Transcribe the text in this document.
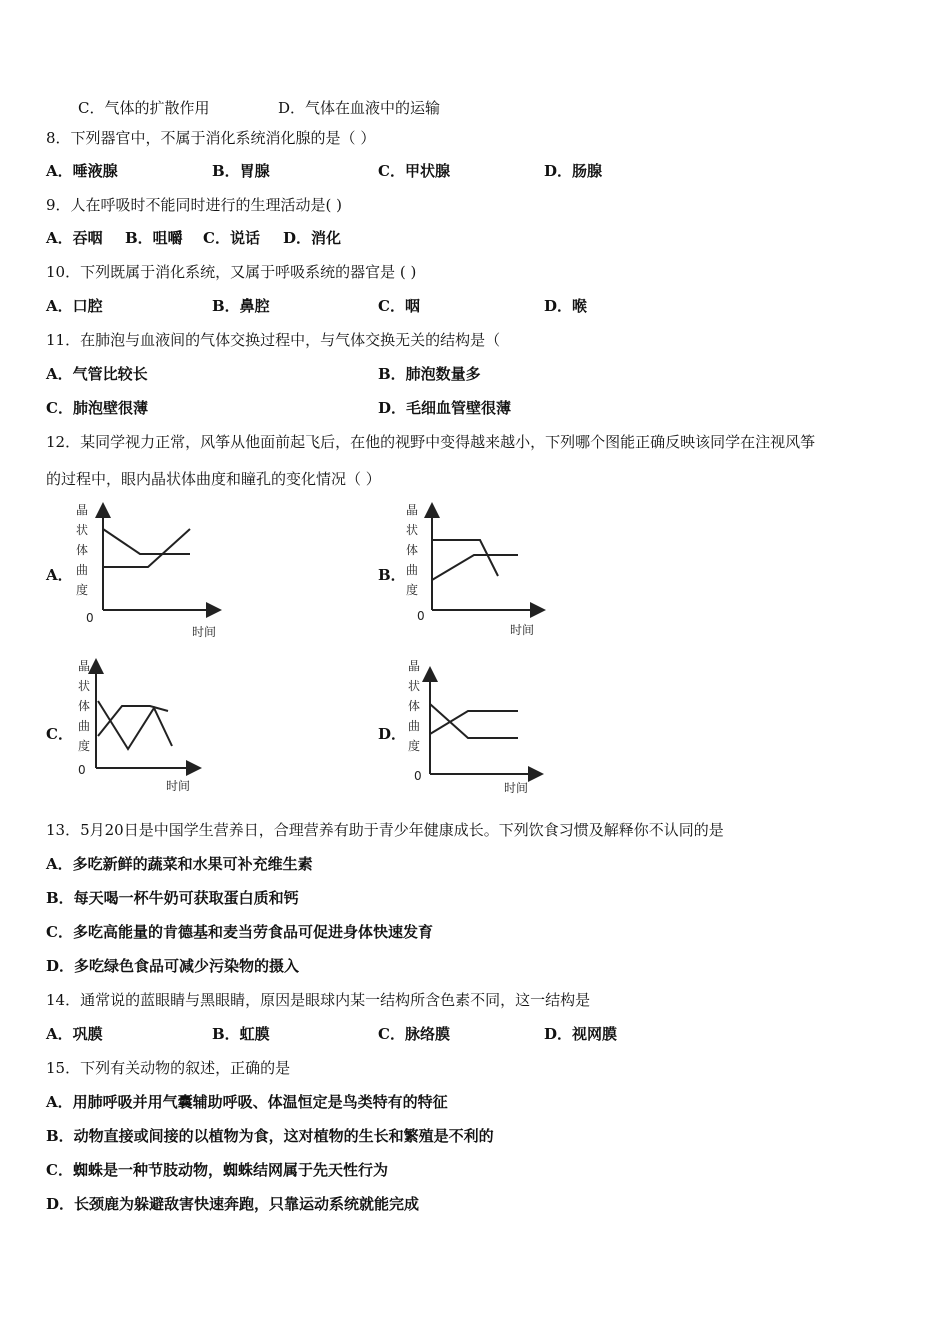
C．气体的扩散作用	D．气体在血液中的运输
8．下列器官中，不属于消化系统消化腺的是（ ）
A．唾液腺	B．胃腺	C．甲状腺	D．肠腺
9．人在呼吸时不能同时进行的生理活动是( )
A．吞咽 B．咀嚼 C．说话 D．消化
10．下列既属于消化系统，又属于呼吸系统的器官是 ( )
A．口腔	B．鼻腔	C．咽	D．喉
11．在肺泡与血液间的气体交换过程中，与气体交换无关的结构是（
A．气管比较长	B．肺泡数量多
C．肺泡壁很薄	D．毛细血管壁很薄
12．某同学视力正常，风筝从他面前起飞后，在他的视野中变得越来越小，下列哪个图能正确反映该同学在注视风筝
的过程中，眼内晶状体曲度和瞳孔的变化情况（ ）
A．	B．
C．	D．
晶
状
体
曲
度
0
时间
晶
状
体
曲
度
0
时间
晶
状
体
曲
度
0
时间
晶
状
体
曲
度
0
时间
13．5月20日是中国学生营养日，合理营养有助于青少年健康成长。下列饮食习惯及解释你不认同的是
A．多吃新鲜的蔬菜和水果可补充维生素
B．每天喝一杯牛奶可获取蛋白质和钙
C．多吃高能量的肯德基和麦当劳食品可促进身体快速发育
D．多吃绿色食品可减少污染物的摄入
14．通常说的蓝眼睛与黑眼睛，原因是眼球内某一结构所含色素不同，这一结构是
A．巩膜	B．虹膜	C．脉络膜	D．视网膜
15．下列有关动物的叙述，正确的是
A．用肺呼吸并用气囊辅助呼吸、体温恒定是鸟类特有的特征
B．动物直接或间接的以植物为食，这对植物的生长和繁殖是不利的
C．蜘蛛是一种节肢动物，蜘蛛结网属于先天性行为
D．长颈鹿为躲避敌害快速奔跑，只靠运动系统就能完成
